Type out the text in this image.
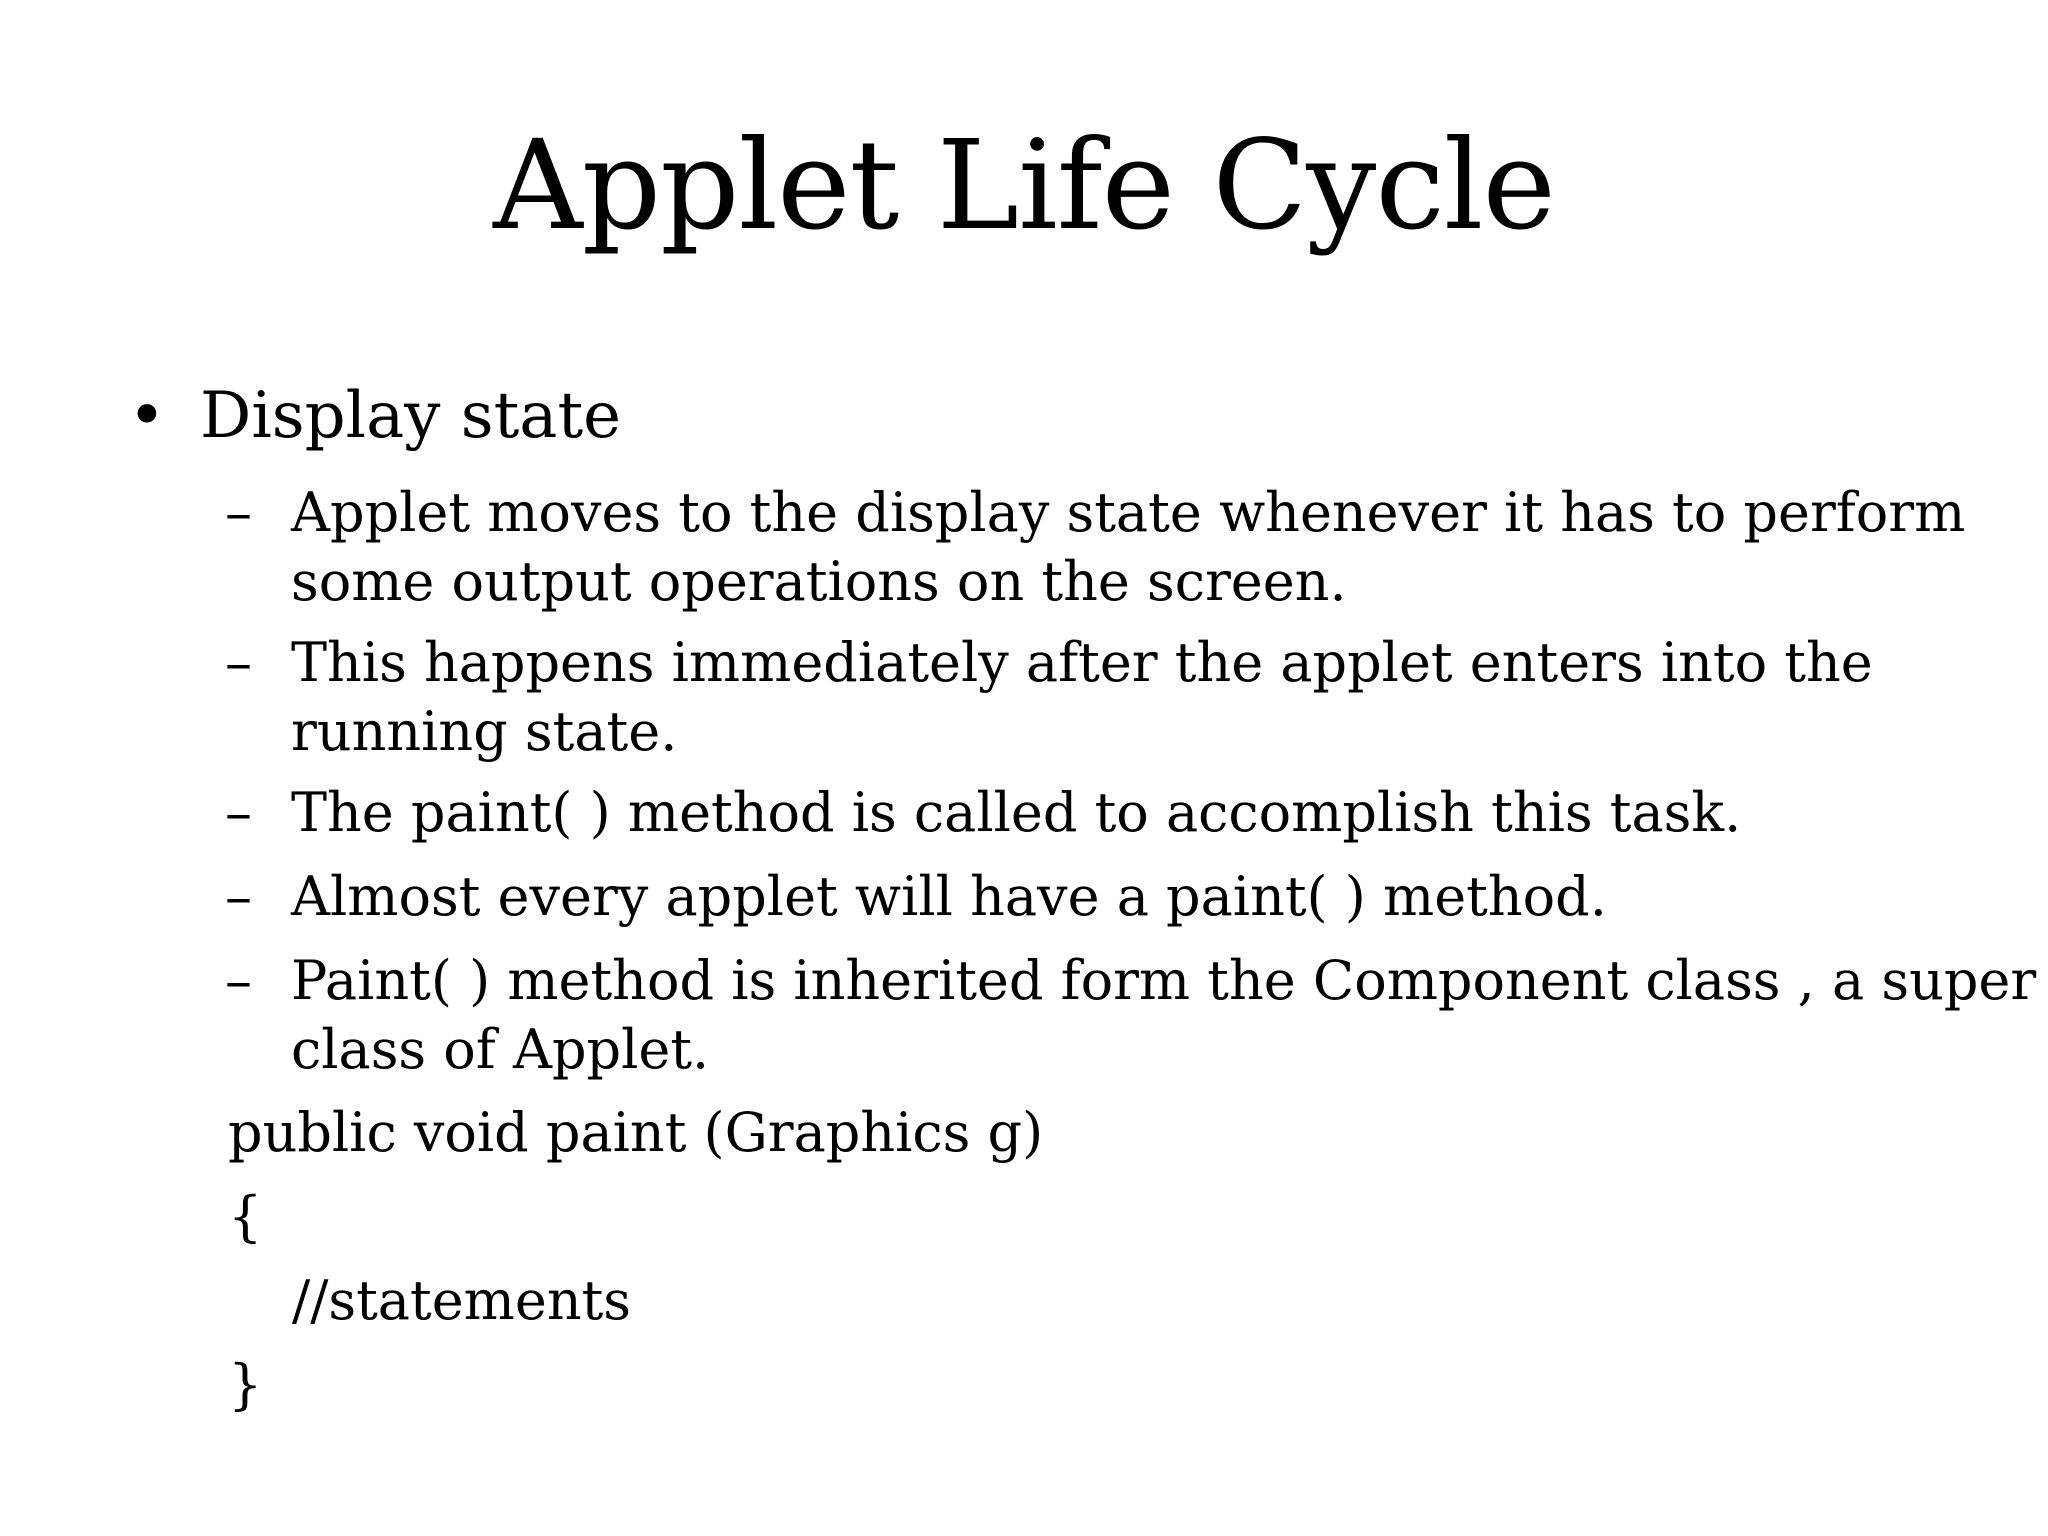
Applet Life Cycle
• Display state
– Applet moves to the display state whenever it has to perform some output operations on the screen.
– This happens immediately after the applet enters into the running state.
– The paint( ) method is called to accomplish this task.
– Almost every applet will have a paint( ) method.
– Paint( ) method is inherited form the Component class , a super class of Applet.
public void paint (Graphics g)
{
//statements
}
